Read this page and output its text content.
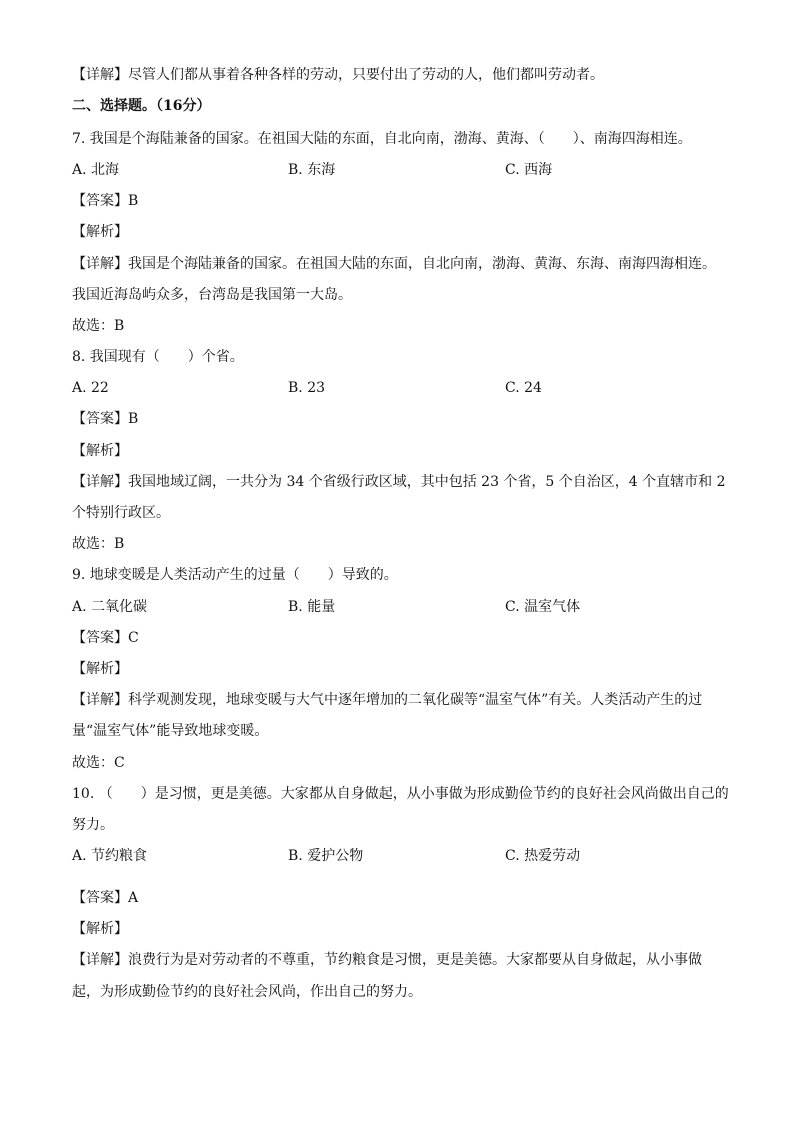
【详解】尽管人们都从事着各种各样的劳动，只要付出了劳动的人，他们都叫劳动者。
二、选择题。（16分）
7. 我国是个海陆兼备的国家。在祖国大陆的东面，自北向南，渤海、黄海、（　　）、南海四海相连。
A. 北海	B. 东海	C. 西海
【答案】B
【解析】
【详解】我国是个海陆兼备的国家。在祖国大陆的东面，自北向南，渤海、黄海、东海、南海四海相连。
我国近海岛屿众多，台湾岛是我国第一大岛。
故选：B
8. 我国现有（　　）个省。
A. 22	B. 23	C. 24
【答案】B
【解析】
【详解】我国地域辽阔，一共分为 34 个省级行政区域，其中包括 23 个省，5 个自治区，4 个直辖市和 2
个特别行政区。
故选：B
9. 地球变暖是人类活动产生的过量（　　）导致的。
A. 二氧化碳	B. 能量	C. 温室气体
【答案】C
【解析】
【详解】科学观测发现，地球变暖与大气中逐年增加的二氧化碳等“温室气体”有关。人类活动产生的过
量“温室气体”能导致地球变暖。
故选：C
10. （　　）是习惯，更是美德。大家都从自身做起，从小事做为形成勤俭节约的良好社会风尚做出自己的
努力。
A. 节约粮食	B. 爱护公物	C. 热爱劳动
【答案】A
【解析】
【详解】浪费行为是对劳动者的不尊重，节约粮食是习惯，更是美德。大家都要从自身做起，从小事做
起，为形成勤俭节约的良好社会风尚，作出自己的努力。
